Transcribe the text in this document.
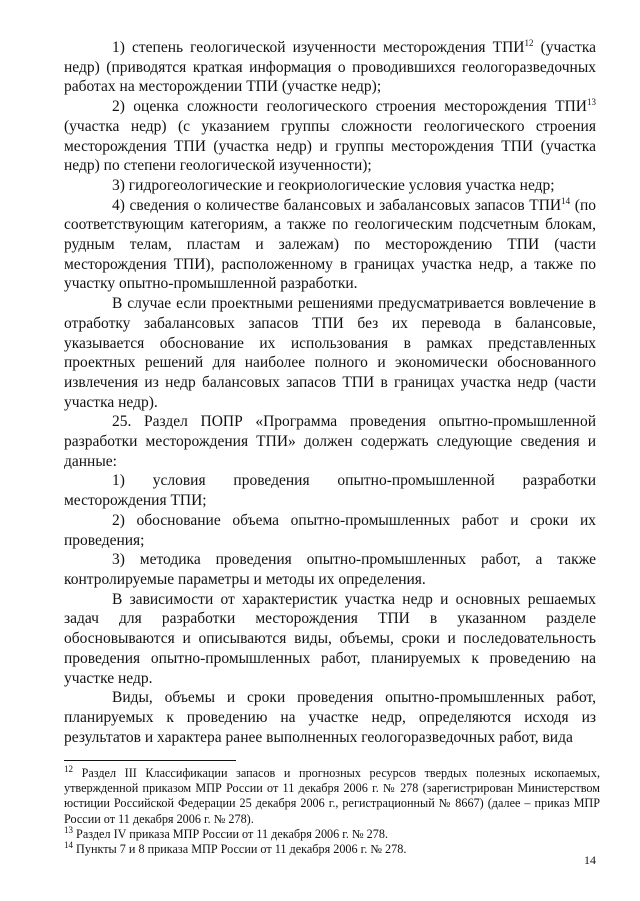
1) степень геологической изученности месторождения ТПИ$^{12}$ (участка недр) (приводятся краткая информация о проводившихся геологоразведочных работах на месторождении ТПИ (участке недр);

2) оценка сложности геологического строения месторождения ТПИ$^{13}$ (участка недр) (с указанием группы сложности геологического строения месторождения ТПИ (участка недр) и группы месторождения ТПИ (участка недр) по степени геологической изученности);

3) гидрогеологические и геокриологические условия участка недр;

4) сведения о количестве балансовых и забалансовых запасов ТПИ$^{14}$ (по соответствующим категориям, а также по геологическим подсчетным блокам, рудным телам, пластам и залежам) по месторождению ТПИ (части месторождения ТПИ), расположенному в границах участка недр, а также по участку опытно-промышленной разработки.

В случае если проектными решениями предусматривается вовлечение в отработку забалансовых запасов ТПИ без их перевода в балансовые, указывается обоснование их использования в рамках представленных проектных решений для наиболее полного и экономически обоснованного извлечения из недр балансовых запасов ТПИ в границах участка недр (части участка недр).

25. Раздел ПОПР «Программа проведения опытно-промышленной разработки месторождения ТПИ» должен содержать следующие сведения и данные:

1) условия проведения опытно-промышленной разработки месторождения ТПИ;

2) обоснование объема опытно-промышленных работ и сроки их проведения;

3) методика проведения опытно-промышленных работ, а также контролируемые параметры и методы их определения.

В зависимости от характеристик участка недр и основных решаемых задач для разработки месторождения ТПИ в указанном разделе обосновываются и описываются виды, объемы, сроки и последовательность проведения опытно-промышленных работ, планируемых к проведению на участке недр.

Виды, объемы и сроки проведения опытно-промышленных работ, планируемых к проведению на участке недр, определяются исходя из результатов и характера ранее выполненных геологоразведочных работ, вида

$^{12}$ Раздел III Классификации запасов и прогнозных ресурсов твердых полезных ископаемых, утвержденной приказом МПР России от 11 декабря 2006 г. № 278 (зарегистрирован Министерством юстиции Российской Федерации 25 декабря 2006 г., регистрационный № 8667) (далее – приказ МПР России от 11 декабря 2006 г. № 278).

$^{13}$ Раздел IV приказа МПР России от 11 декабря 2006 г. № 278.

$^{14}$ Пункты 7 и 8 приказа МПР России от 11 декабря 2006 г. № 278.

14
